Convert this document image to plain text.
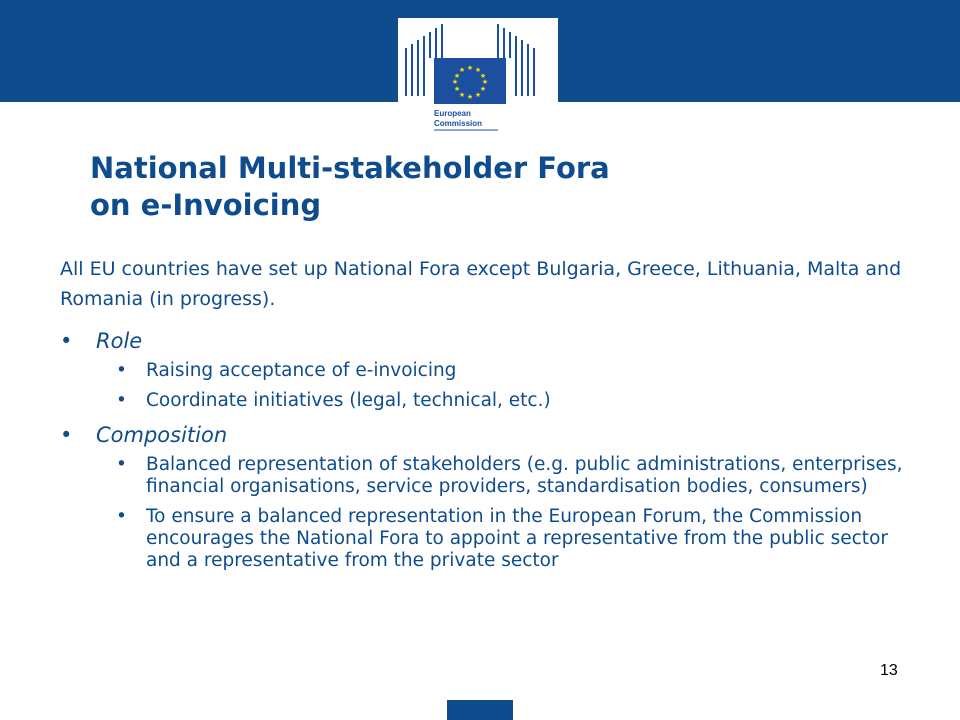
★ ★
★
★
★
★
★
★
★
★
★
★
European
Commission
National Multi-stakeholder Fora
on e-Invoicing

All EU countries have set up National Fora except Bulgaria, Greece, Lithuania, Malta and Romania (in progress).

• Role
• Raising acceptance of e-invoicing
• Coordinate initiatives (legal, technical, etc.)
• Composition
• Balanced representation of stakeholders (e.g. public administrations, enterprises, financial organisations, service providers, standardisation bodies, consumers)
• To ensure a balanced representation in the European Forum, the Commission encourages the National Fora to appoint a representative from the public sector and a representative from the private sector
13
